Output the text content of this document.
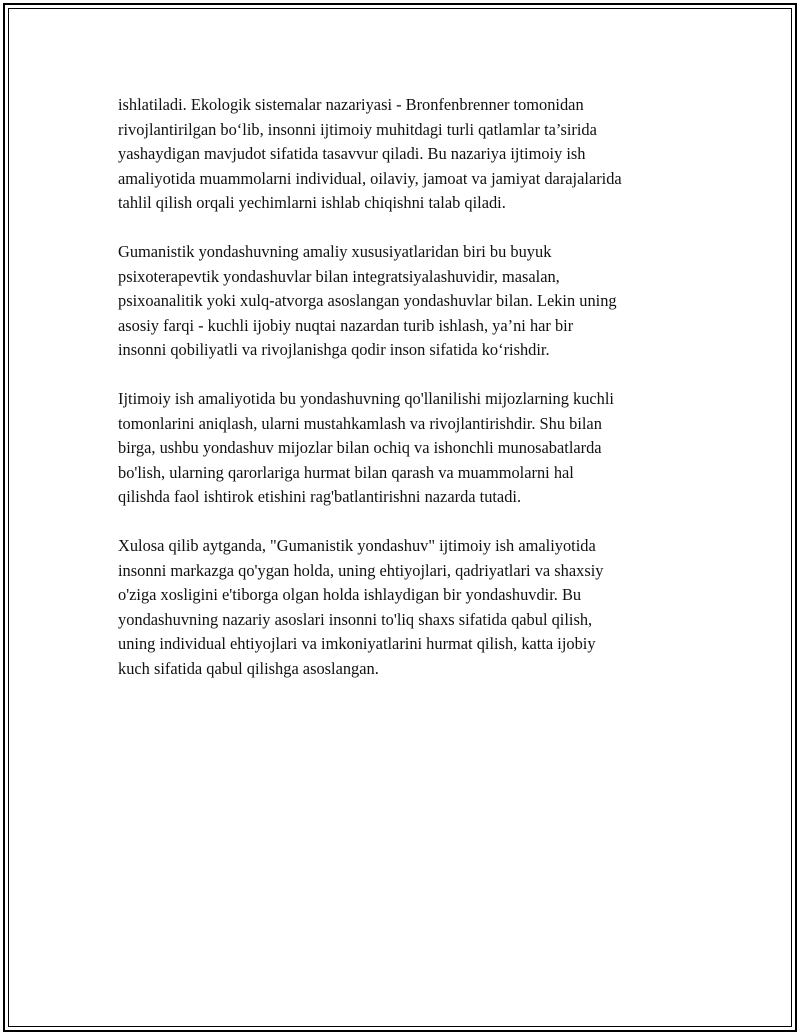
ishlatiladi. Ekologik sistemalar nazariyasi - Bronfenbrenner tomonidan
rivojlantirilgan bo‘lib, insonni ijtimoiy muhitdagi turli qatlamlar ta’sirida
yashaydigan mavjudot sifatida tasavvur qiladi. Bu nazariya ijtimoiy ish
amaliyotida muammolarni individual, oilaviy, jamoat va jamiyat darajalarida
tahlil qilish orqali yechimlarni ishlab chiqishni talab qiladi.

Gumanistik yondashuvning amaliy xususiyatlaridan biri bu buyuk
psixoterapevtik yondashuvlar bilan integratsiyalashuvidir, masalan,
psixoanalitik yoki xulq-atvorga asoslangan yondashuvlar bilan. Lekin uning
asosiy farqi - kuchli ijobiy nuqtai nazardan turib ishlash, ya’ni har bir
insonni qobiliyatli va rivojlanishga qodir inson sifatida ko‘rishdir.

Ijtimoiy ish amaliyotida bu yondashuvning qo'llanilishi mijozlarning kuchli
tomonlarini aniqlash, ularni mustahkamlash va rivojlantirishdir. Shu bilan
birga, ushbu yondashuv mijozlar bilan ochiq va ishonchli munosabatlarda
bo'lish, ularning qarorlariga hurmat bilan qarash va muammolarni hal
qilishda faol ishtirok etishini rag'batlantirishni nazarda tutadi.

Xulosa qilib aytganda, "Gumanistik yondashuv" ijtimoiy ish amaliyotida
insonni markazga qo'ygan holda, uning ehtiyojlari, qadriyatlari va shaxsiy
o'ziga xosligini e'tiborga olgan holda ishlaydigan bir yondashuvdir. Bu
yondashuvning nazariy asoslari insonni to'liq shaxs sifatida qabul qilish,
uning individual ehtiyojlari va imkoniyatlarini hurmat qilish, katta ijobiy
kuch sifatida qabul qilishga asoslangan.
